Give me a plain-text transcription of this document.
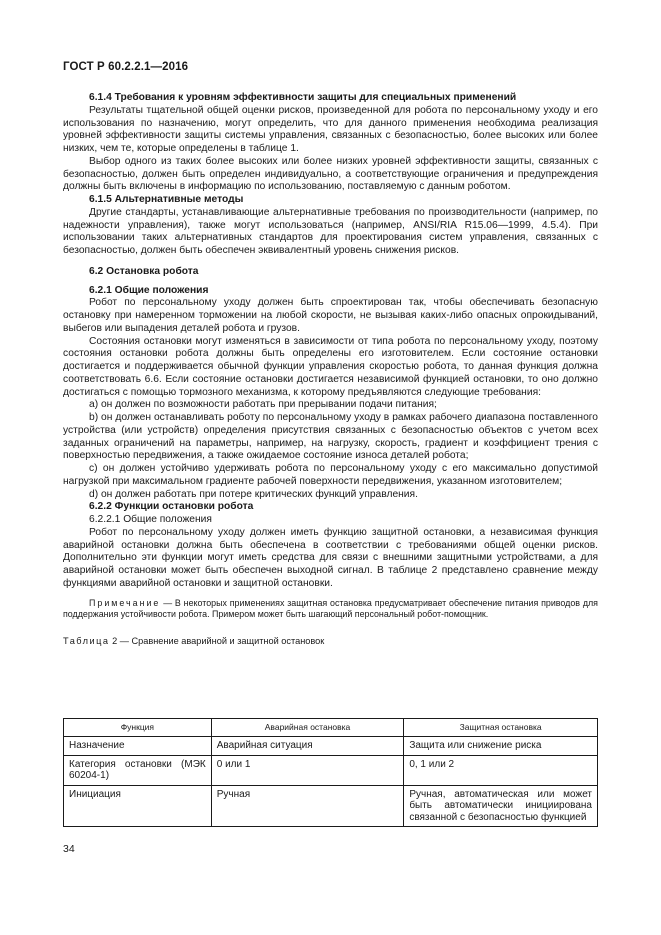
ГОСТ Р 60.2.2.1—2016

6.1.4 Требования к уровням эффективности защиты для специальных применений

Результаты тщательной общей оценки рисков, произведенной для робота по персональному уходу и его использования по назначению, могут определить, что для данного применения необходима реализация уровней эффективности защиты системы управления, связанных с безопасностью, более высоких или более низких, чем те, которые определены в таблице 1.

Выбор одного из таких более высоких или более низких уровней эффективности защиты, связанных с безопасностью, должен быть определен индивидуально, а соответствующие ограничения и предупреждения должны быть включены в информацию по использованию, поставляемую с данным роботом.

6.1.5 Альтернативные методы

Другие стандарты, устанавливающие альтернативные требования по производительности (например, по надежности управления), также могут использоваться (например, ANSI/RIA R15.06—1999, 4.5.4). При использовании таких альтернативных стандартов для проектирования систем управления, связанных с безопасностью, должен быть обеспечен эквивалентный уровень снижения рисков.

6.2 Остановка робота

6.2.1 Общие положения

Робот по персональному уходу должен быть спроектирован так, чтобы обеспечивать безопасную остановку при намеренном торможении на любой скорости, не вызывая каких-либо опасных опрокидываний, выбегов или выпадения деталей робота и грузов.

Состояния остановки могут изменяться в зависимости от типа робота по персональному уходу, поэтому состояния остановки робота должны быть определены его изготовителем. Если состояние остановки достигается и поддерживается обычной функции управления скоростью робота, то данная функция должна соответствовать 6.6. Если состояние остановки достигается независимой функцией остановки, то оно должно достигаться с помощью тормозного механизма, к которому предъявляются следующие требования:

а) он должен по возможности работать при прерывании подачи питания;

b) он должен останавливать роботу по персональному уходу в рамках рабочего диапазона поставленного устройства (или устройств) определения присутствия связанных с безопасностью объектов с учетом всех заданных ограничений на параметры, например, на нагрузку, скорость, градиент и коэффициент трения с поверхностью передвижения, а также ожидаемое состояние износа деталей робота;

с) он должен устойчиво удерживать робота по персональному уходу с его максимально допустимой нагрузкой при максимальном градиенте рабочей поверхности передвижения, указанном изготовителем;

d) он должен работать при потере критических функций управления.

6.2.2 Функции остановки робота

6.2.2.1 Общие положения

Робот по персональному уходу должен иметь функцию защитной остановки, а независимая функция аварийной остановки должна быть обеспечена в соответствии с требованиями общей оценки рисков. Дополнительно эти функции могут иметь средства для связи с внешними защитными устройствами, а для аварийной остановки может быть обеспечен выходной сигнал. В таблице 2 представлено сравнение между функциями аварийной остановки и защитной остановки.

Примечание — В некоторых применениях защитная остановка предусматривает обеспечение питания приводов для поддержания устойчивости робота. Примером может быть шагающий персональный робот-помощник.

Таблица 2 — Сравнение аварийной и защитной остановок

Функция	Аварийная остановка	Защитная остановка
Назначение	Аварийная ситуация	Защита или снижение риска
Категория остановки (МЭК 60204-1)	0 или 1	0, 1 или 2
Инициация	Ручная	Ручная, автоматическая или может быть автоматически инициирована связанной с безопасностью функцией
34
